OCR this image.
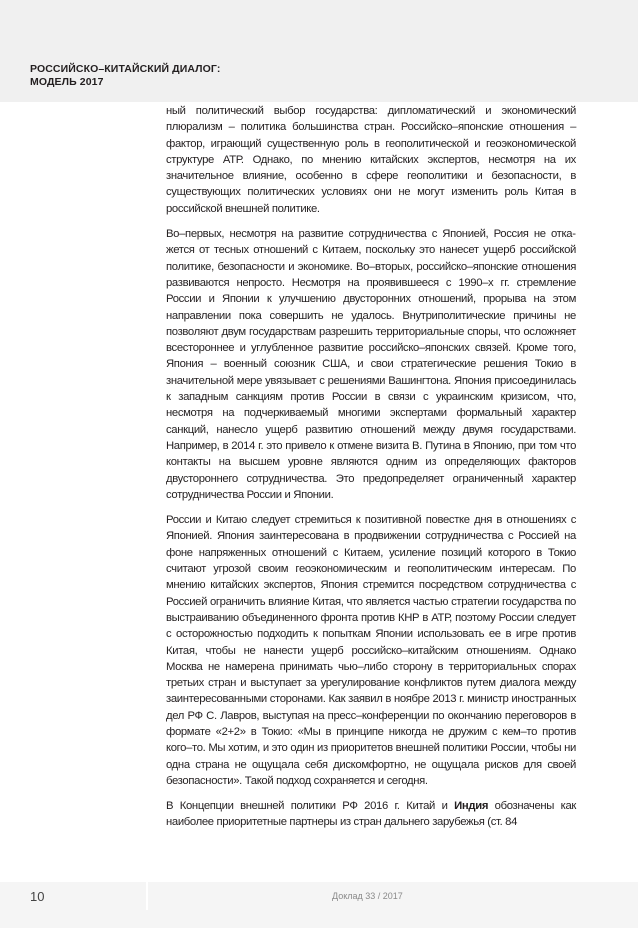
РОССИЙСКО–КИТАЙСКИЙ ДИАЛОГ:
МОДЕЛЬ 2017

ный политический выбор государства: дипломатический и экономический плюрализм – политика большинства стран. Российско–японские отношения – фактор, играющий существенную роль в геополитической и геоэкономической структуре АТР. Однако, по мнению китайских экспертов, несмотря на их значительное влияние, особенно в сфере геополитики и безопасности, в существующих политических условиях они не могут изменить роль Китая в российской внешней политике.

Во–первых, несмотря на развитие сотрудничества с Японией, Россия не откажется от тесных отношений с Китаем, поскольку это нанесет ущерб российской политике, безопасности и экономике. Во–вторых, российско–японские отношения развиваются непросто. Несмотря на проявившееся с 1990–х гг. стремление России и Японии к улучшению двусторонних отношений, прорыва на этом направлении пока совершить не удалось. Внутриполитические причины не позволяют двум государствам разрешить территориальные споры, что осложняет всестороннее и углубленное развитие российско–японских связей. Кроме того, Япония – военный союзник США, и свои стратегические решения Токио в значительной мере увязывает с решениями Вашингтона. Япония присоединилась к западным санкциям против России в связи с украинским кризисом, что, несмотря на подчеркиваемый многими экспертами формальный характер санкций, нанесло ущерб развитию отношений между двумя государствами. Например, в 2014 г. это привело к отмене визита В. Путина в Японию, при том что контакты на высшем уровне являются одним из определяющих факторов двустороннего сотрудничества. Это предопределяет ограниченный характер сотрудничества России и Японии.

России и Китаю следует стремиться к позитивной повестке дня в отношениях с Японией. Япония заинтересована в продвижении сотрудничества с Россией на фоне напряженных отношений с Китаем, усиление позиций которого в Токио считают угрозой своим геоэкономическим и геополитическим интересам. По мнению китайских экспертов, Япония стремится посредством сотрудничества с Россией ограничить влияние Китая, что является частью стратегии государства по выстраиванию объединенного фронта против КНР в АТР, поэтому России следует с осторожностью подходить к попыткам Японии использовать ее в игре против Китая, чтобы не нанести ущерб российско–китайским отношениям. Однако Москва не намерена принимать чью–либо сторону в территориальных спорах третьих стран и выступает за урегулирование конфликтов путем диалога между заинтересованными сторонами. Как заявил в ноябре 2013 г. министр иностранных дел РФ С. Лавров, выступая на пресс–конференции по окончанию переговоров в формате «2+2» в Токио: «Мы в принципе никогда не дружим с кем–то против кого–то. Мы хотим, и это один из приоритетов внешней политики России, чтобы ни одна страна не ощущала себя дискомфортно, не ощущала рисков для своей безопасности». Такой подход сохраняется и сегодня.

В Концепции внешней политики РФ 2016 г. Китай и Индия обозначены как наиболее приоритетные партнеры из стран дальнего зарубежья (ст. 84

10	Доклад 33 / 2017
